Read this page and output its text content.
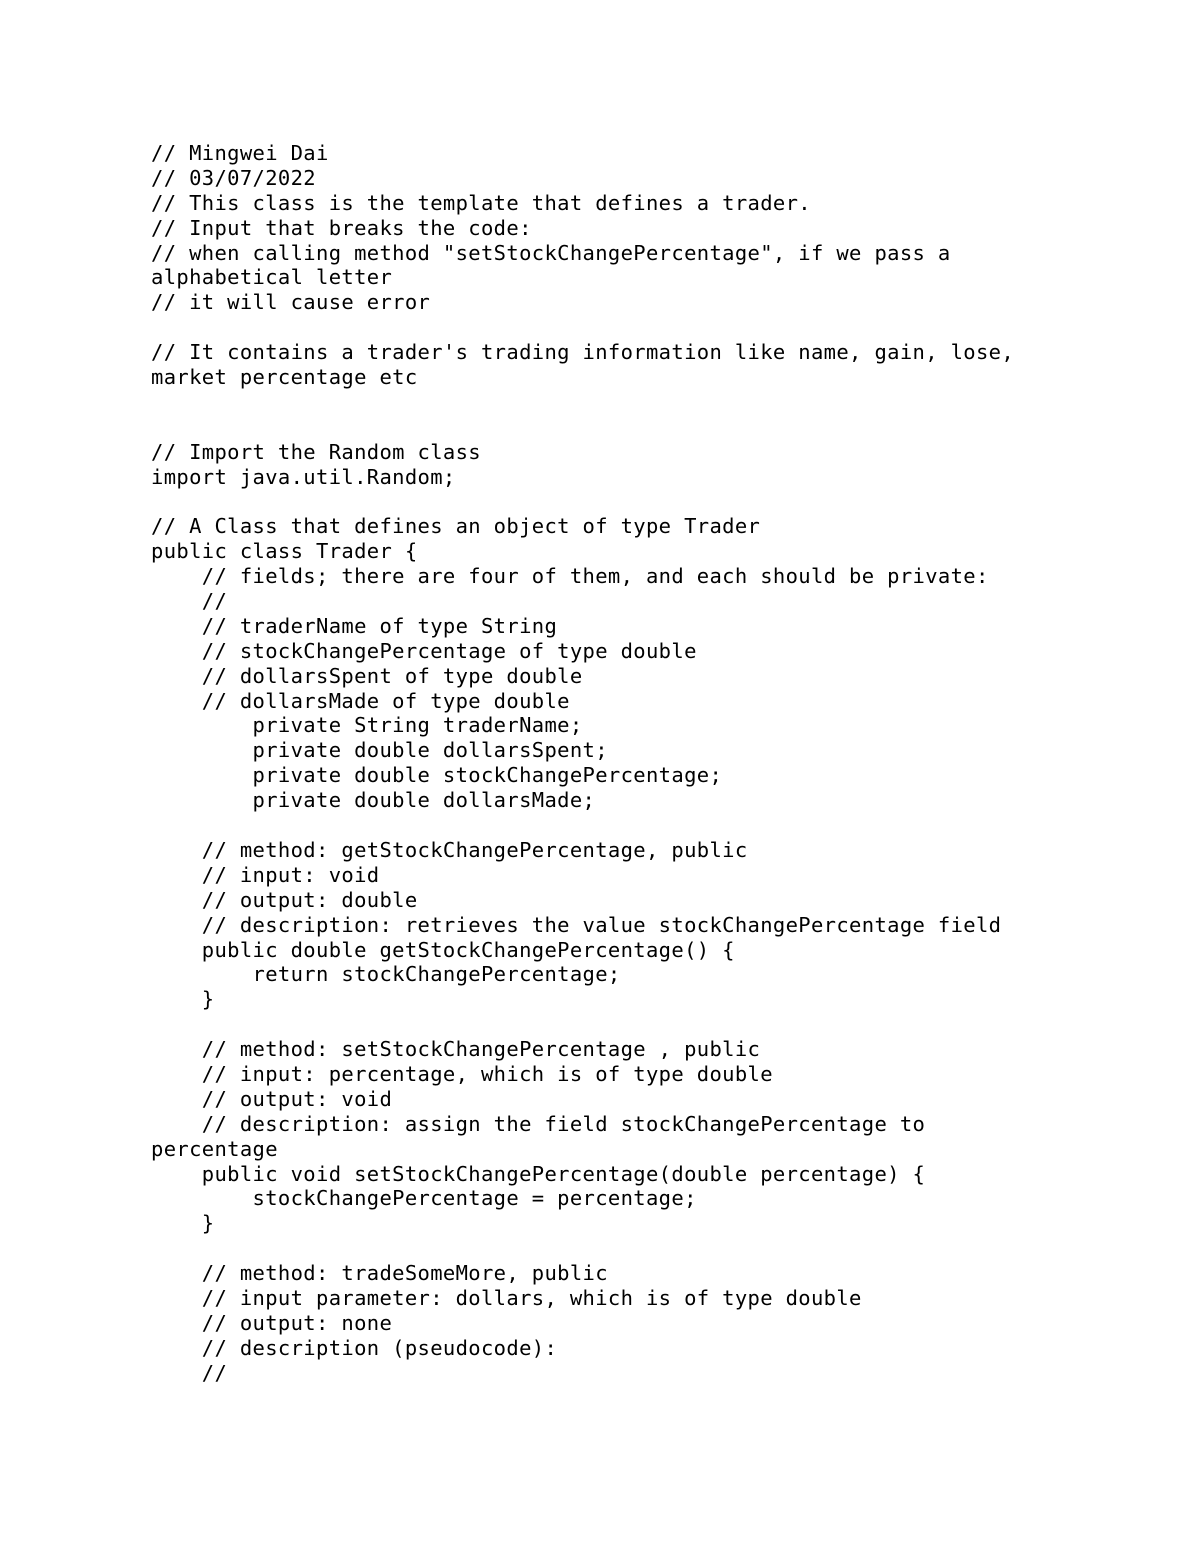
// Mingwei Dai
// 03/07/2022
// This class is the template that defines a trader.
// Input that breaks the code:
// when calling method "setStockChangePercentage", if we pass a
alphabetical letter
// it will cause error
// It contains a trader's trading information like name, gain, lose,
market percentage etc
// Import the Random class
import java.util.Random;
// A Class that defines an object of type Trader
public class Trader {
// fields; there are four of them, and each should be private:
//
// traderName of type String
// stockChangePercentage of type double
// dollarsSpent of type double
// dollarsMade of type double
private String traderName;
private double dollarsSpent;
private double stockChangePercentage;
private double dollarsMade;
// method: getStockChangePercentage, public
// input: void
// output: double
// description: retrieves the value stockChangePercentage field
public double getStockChangePercentage() {
return stockChangePercentage;
}
// method: setStockChangePercentage , public
// input: percentage, which is of type double
// output: void
// description: assign the field stockChangePercentage to
percentage
public void setStockChangePercentage(double percentage) {
stockChangePercentage = percentage;
}
// method: tradeSomeMore, public
// input parameter: dollars, which is of type double
// output: none
// description (pseudocode):
//
